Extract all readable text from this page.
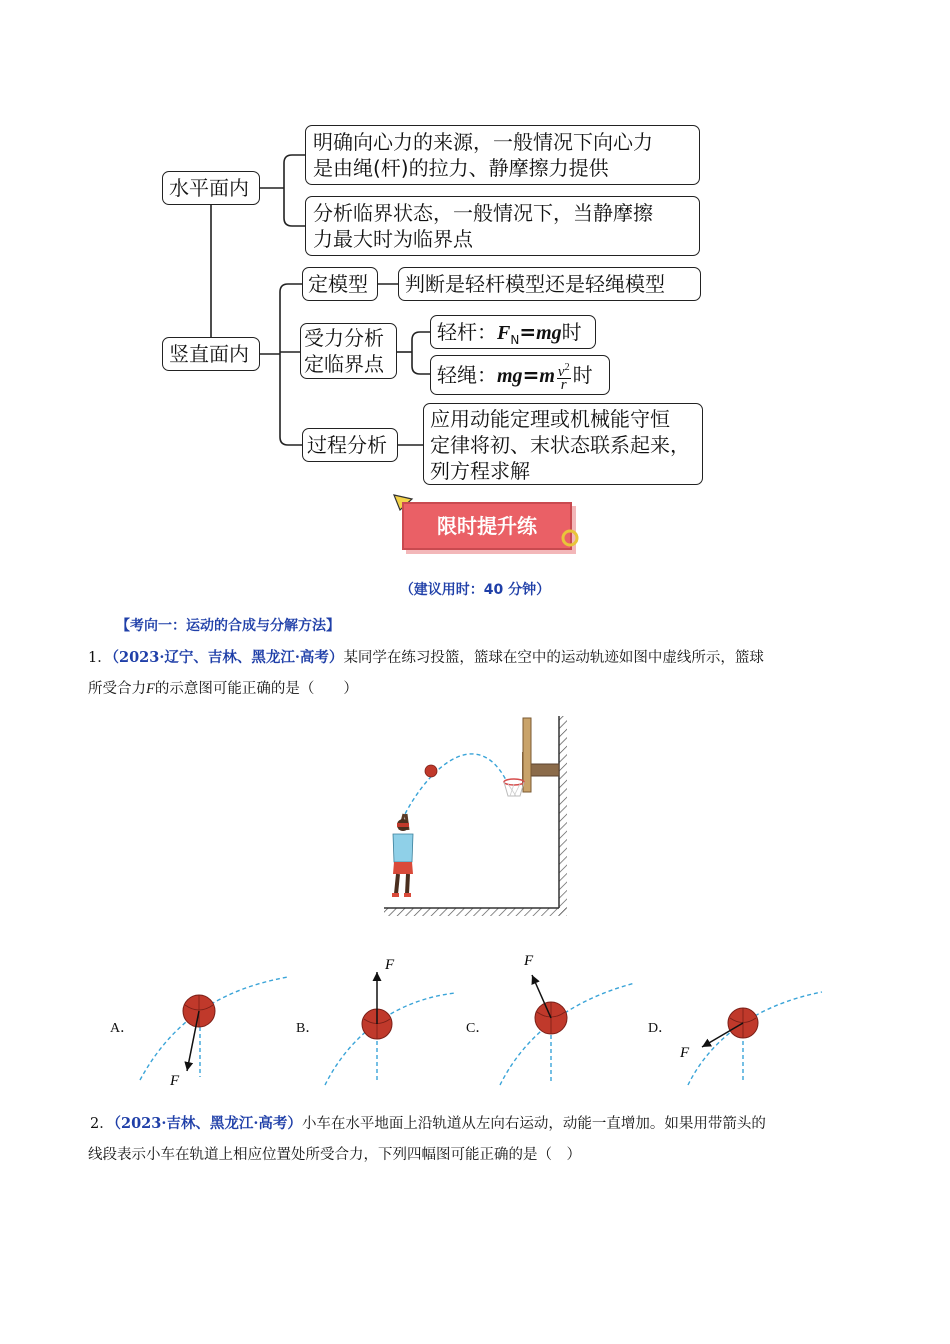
水平面内
明确向心力的来源，一般情况下向心力
是由绳(杆)的拉力、静摩擦力提供
分析临界状态，一般情况下，当静摩擦
力最大时为临界点
竖直面内
定模型	判断是轻杆模型还是轻绳模型
受力分析
定临界点
轻杆：$F_N=mg$时
轻绳：$mg=m \frac{v^2}{r}$ 时
过程分析
应用动能定理或机械能守恒
定律将初、末状态联系起来，
列方程求解
限时提升练
（建议用时：40 分钟）
【考向一：运动的合成与分解方法】
1．（2023·辽宁、吉林、黑龙江·高考）某同学在练习投篮，篮球在空中的运动轨迹如图中虚线所示，篮球
所受合力F的示意图可能正确的是（　　）
F
F	F
F
A．	B．	C．	D．
2．（2023·吉林、黑龙江·高考）小车在水平地面上沿轨道从左向右运动，动能一直增加。如果用带箭头的
线段表示小车在轨道上相应位置处所受合力，下列四幅图可能正确的是（　）
